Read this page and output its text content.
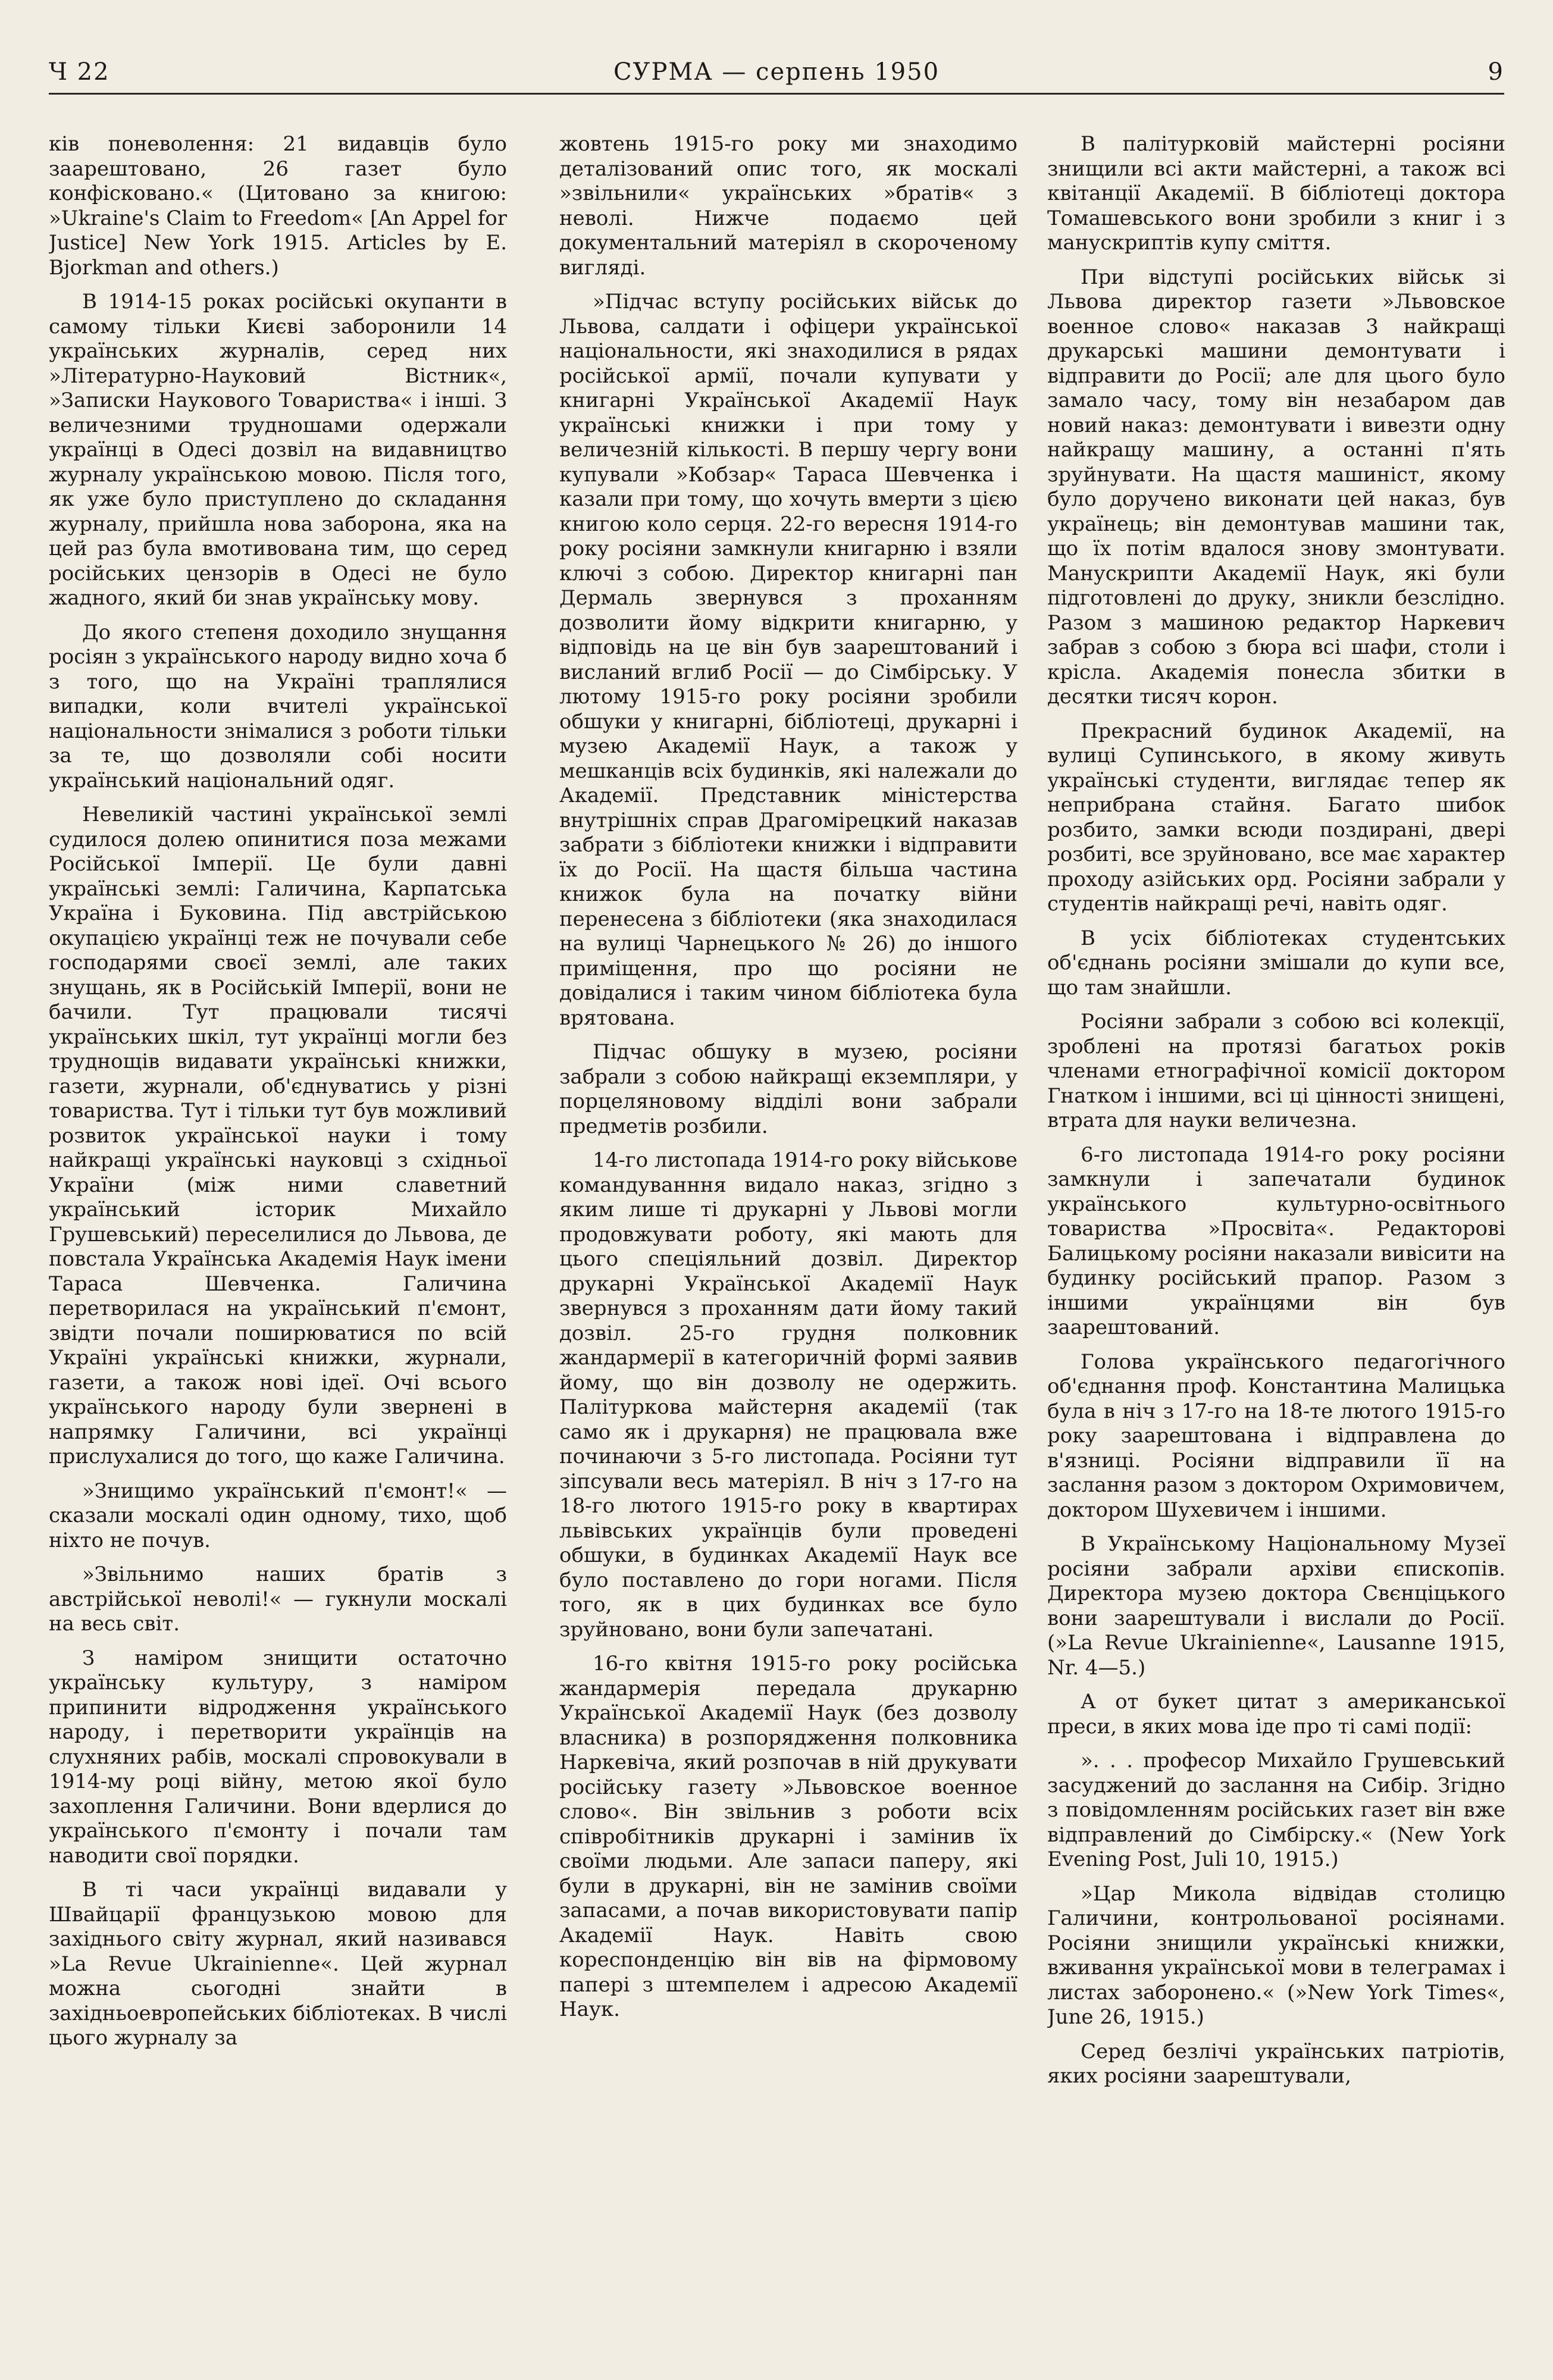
Ч 22	СУРМА — серпень 1950	9

ків поневолення: 21 видавців було заарештовано, 26 газет було конфісковано.« (Цитовано за книгою: »Ukraine's Claim to Freedom« [An Appel for Justice] New York 1915. Articles by E. Bjorkman and others.)

В 1914-15 роках російські окупанти в самому тільки Києві заборонили 14 українських журналів, серед них »Літературно-Науковий Вістник«, »Записки Наукового Товариства« і інші. З величезними трудношами одержали українці в Одесі дозвіл на видавництво журналу українською мовою. Після того, як уже було приступлено до складання журналу, прийшла нова заборона, яка на цей раз була вмотивована тим, що серед російських цензорів в Одесі не було жадного, який би знав українську мову.

До якого степеня доходило знущання росіян з українського народу видно хоча б з того, що на Україні траплялися випадки, коли вчителі української національности знімалися з роботи тільки за те, що дозволяли собі носити український національний одяг.

Невеликій частині української землі судилося долею опинитися поза межами Російської Імперії. Це були давні українські землі: Галичина, Карпатська Україна і Буковина. Під австрійською окупацією українці теж не почували себе господарями своєї землі, але таких знущань, як в Російській Імперії, вони не бачили. Тут працювали тисячі українських шкіл, тут українці могли без труднощів видавати українські книжки, газети, журнали, об'єднуватись у різні товариства. Тут і тільки тут був можливий розвиток української науки і тому найкращі українські науковці з східньої України (між ними славетний український історик Михайло Грушевський) переселилися до Львова, де повстала Українська Академія Наук імени Тараса Шевченка. Галичина перетворилася на український п'ємонт, звідти почали поширюватися по всій Україні українські книжки, журнали, газети, а також нові ідеї. Очі всього українського народу були звернені в напрямку Галичини, всі українці прислухалися до того, що каже Галичина.

»Знищимо український п'ємонт!« — сказали москалі один одному, тихо, щоб ніхто не почув.

»Звільнимо наших братів з австрійської неволі!« — гукнули москалі на весь світ.

З наміром знищити остаточно українську культуру, з наміром припинити відродження українського народу, і перетворити українців на слухняних рабів, москалі спровокували в 1914-му році війну, метою якої було захоплення Галичини. Вони вдерлися до українського п'ємонту і почали там наводити свої порядки.

В ті часи українці видавали у Швайцарії французькою мовою для західнього світу журнал, який називався »La Revue Ukrainienne«. Цей журнал можна сьогодні знайти в західньоевропейських бібліотеках. В числі цього журналу за

жовтень 1915-го року ми знаходимо деталізований опис того, як москалі »звільнили« українських »братів« з неволі. Нижче подаємо цей документальний матеріял в скороченому вигляді.

»Підчас вступу російських військ до Львова, салдати і офіцери української національности, які знаходилися в рядах російської армії, почали купувати у книгарні Української Академії Наук українські книжки і при тому у величезній кількості. В першу чергу вони купували »Кобзар« Тараса Шевченка і казали при тому, що хочуть вмерти з цією книгою коло серця. 22-го вересня 1914-го року росіяни замкнули книгарню і взяли ключі з собою. Директор книгарні пан Дермаль звернувся з проханням дозволити йому відкрити книгарню, у відповідь на це він був заарештований і висланий вглиб Росії — до Сімбірську. У лютому 1915-го року росіяни зробили обшуки у книгарні, бібліотеці, друкарні і музею Академії Наук, а також у мешканців всіх будинків, які належали до Академії. Представник міністерства внутрішніх справ Драгомірецкий наказав забрати з бібліотеки книжки і відправити їх до Росії. На щастя більша частина книжок була на початку війни перенесена з бібліотеки (яка знаходилася на вулиці Чарнецького № 26) до іншого приміщення, про що росіяни не довідалися і таким чином бібліотека була врятована.

Підчас обшуку в музею, росіяни забрали з собою найкращі екземпляри, у порцеляновому відділі вони забрали предметів розбили.

14-го листопада 1914-го року військове командуванння видало наказ, згідно з яким лише ті друкарні у Львові могли продовжувати роботу, які мають для цього спеціяльний дозвіл. Директор друкарні Української Академії Наук звернувся з проханням дати йому такий дозвіл. 25-го грудня полковник жандармерії в категоричній формі заявив йому, що він дозволу не одержить. Палітуркова майстерня академії (так само як і друкарня) не працювала вже починаючи з 5-го листопада. Росіяни тут зіпсували весь матеріял. В ніч з 17-го на 18-го лютого 1915-го року в квартирах львівських українців були проведені обшуки, в будинках Академії Наук все було поставлено до гори ногами. Після того, як в цих будинках все було зруйновано, вони були запечатані.

16-го квітня 1915-го року російська жандармерія передала друкарню Української Академії Наук (без дозволу власника) в розпорядження полковника Наркевіча, який розпочав в ній друкувати російську газету »Львовское военное слово«. Він звільнив з роботи всіх співробітників друкарні і замінив їх своїми людьми. Але запаси паперу, які були в друкарні, він не замінив своїми запасами, а почав використовувати папір Академії Наук. Навіть свою кореспонденцію він вів на фірмовому папері з штемпелем і адресою Академії Наук.

В палітурковій майстерні росіяни знищили всі акти майстерні, а також всі квітанції Академії. В бібліотеці доктора Томашевського вони зробили з книг і з манускриптів купу сміття.

При відступі російських військ зі Львова директор газети »Львовское военное слово« наказав 3 найкращі друкарські машини демонтувати і відправити до Росії; але для цього було замало часу, тому він незабаром дав новий наказ: демонтувати і вивезти одну найкращу машину, а останні п'ять зруйнувати. На щастя машиніст, якому було доручено виконати цей наказ, був українець; він демонтував машини так, що їх потім вдалося знову змонтувати. Манускрипти Академії Наук, які були підготовлені до друку, зникли безслідно. Разом з машиною редактор Наркевич забрав з собою з бюра всі шафи, столи і крісла. Академія понесла збитки в десятки тисяч корон.

Прекрасний будинок Академії, на вулиці Супинського, в якому живуть українські студенти, виглядає тепер як неприбрана стайня. Багато шибок розбито, замки всюди поздирані, двері розбиті, все зруйновано, все має характер проходу азійських орд. Росіяни забрали у студентів найкращі речі, навіть одяг.

В усіх бібліотеках студентських об'єднань росіяни змішали до купи все, що там знайшли.

Росіяни забрали з собою всі колекції, зроблені на протязі багатьох років членами етнографічної комісії доктором Гнатком і іншими, всі ці цінності знищені, втрата для науки величезна.

6-го листопада 1914-го року росіяни замкнули і запечатали будинок українського культурно-освітнього товариства »Просвіта«. Редакторові Балицькому росіяни наказали вивісити на будинку російський прапор. Разом з іншими українцями він був заарештований.

Голова українського педагогічного об'єднання проф. Константина Малицька була в ніч з 17-го на 18-те лютого 1915-го року заарештована і відправлена до в'язниці. Росіяни відправили її на заслання разом з доктором Охримовичем, доктором Шухевичем і іншими.

В Українському Національному Музеї росіяни забрали архіви єпископів. Директора музею доктора Свєнціцького вони заарештували і вислали до Росії. (»La Revue Ukrainienne«, Lausanne 1915, Nr. 4—5.)

А от букет цитат з американської преси, в яких мова іде про ті самі події:

». . . професор Михайло Грушевський засуджений до заслання на Сибір. Згідно з повідомленням російських газет він вже відправлений до Сімбірску.« (New York Evening Post, Juli 10, 1915.)

»Цар Микола відвідав столицю Галичини, контрольованої росіянами. Росіяни знищили українські книжки, вживання української мови в телеграмах і листах заборонено.« (»New York Times«, June 26, 1915.)

Серед безлічі українських патріотів, яких росіяни заарештували,
